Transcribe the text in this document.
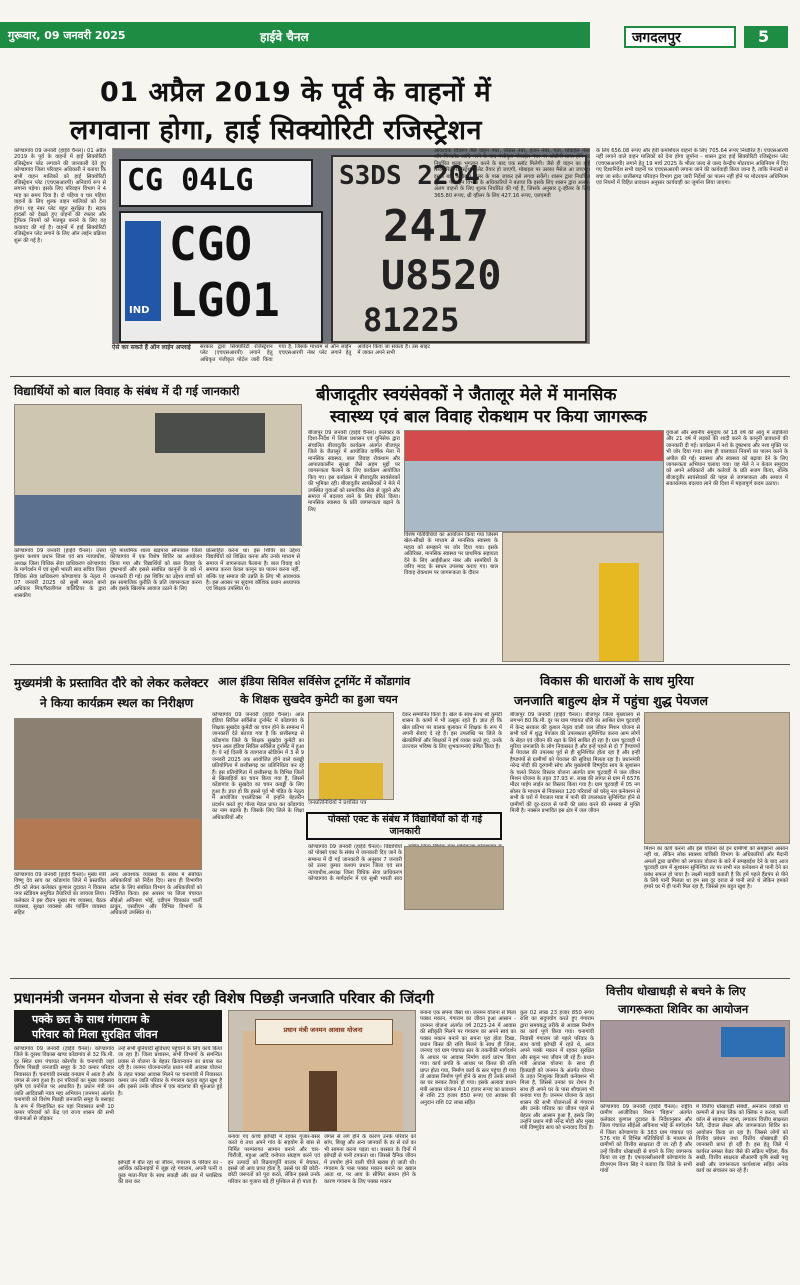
गुरूवार, 09 जनवरी 2025	हाईवे चैनल	जगदलपुर	5
01 अप्रैल 2019 के पूर्व के वाहनों में
लगवाना होगा, हाई सिक्योरिटी रजिस्ट्रेशन
कोण्डागांव 09 जनवरी (हाईवे चैनल)। 01 अप्रैल 2019 के पूर्व के वाहनों में हाई सिक्योरिटी रजिस्ट्रेशन प्लेट लगवाने की जानकारी देते हुए कोण्डागांव जिला परिवहन अधिकारी ने बताया कि सभी वाहन मालिकों को हाई सिक्योरिटी रजिस्ट्रेशन प्लेट (एचएसआरपी) अनिवार्य रूप से लगाना पड़ेगा। इसके लिए परिवहन विभाग ने 4 माह का समय दिया है। दो पहिया व चार पहिया वाहनों के लिए शुल्क वाहन मालिकों को देना होगा। यह नंबर प्लेट बहुत सुरक्षित है। सड़क हादसों को देखते हुए वाहनों की रफ्तार और ट्रैफिक नियमों को मजबूत बनाने के लिए यह कवायद की गई है। वाहनों में हाई सिक्योरिटी रजिस्ट्रेशन प्लेट लगाने के लिए ऑन लाईन प्रक्रिया शुरू की गई है।
CG 04LG
IND
CGO
LGO1
S3DS 2204
2417
U8520
81225
ऐसे कर सकते हैं ऑन लाईन अप्लाई	सरकार द्वारा सिक्योरिटी रजिस्ट्रेशन प्लेट (एचएसआरपी) लगाने हेतु अधिकृत पंजीकृत पोर्टल जारी किया गया है, जिसके माध्यम से ऑन लाईन एचएसआरपी नंबर प्लेट लगाने हेतु आवेदन किया जा सकता है। उस साइट में जाकर अपने सभी
आवश्यक विवरण जैसे वाहन नंबर, चेसिस नंबर, इंजन नंबर, पता, मोबाईल नंबर और पिनकोड आदि भरने के बाद पंजीकृत मोबाईल नंबर पर ओटीपी प्राप्त होने पर निर्धारित शुल्क भुगतान करने के बाद एक स्लॉट मिलेगी। जैसे ही वाहन का हाई सिक्योरिटी रजिस्ट्रेशन प्लेट तैयार हो जाएगी, मोबाइल पर उसका मैसेज आ जाएगा। इसके बाद अधिकृत डीलर के पास जाकर इसे लगवा सकेंगे। शासन द्वारा निर्धारित शुल्क - परिवहन विभाग के अधिकारियों ने बताया कि इसके लिए शासन द्वारा अलग-अलग वाहनों के लिए शुल्क निर्धारित की गई है, जिसके अनुसार टू-व्हीलर के लिए 365.80 रूपए, थ्री व्हीलर के लिए 427.16 रूपए, एलएमवी
के लिए 656.08 रूपए और हेवी कमर्शियल वाहनों के लिए 705.64 रूपए निर्धारित है। एचएसआरपी नहीं लगाने वाले वाहन मालिकों को देना होगा जुर्माना - शासन द्वारा हाई सिक्योरिटी रजिस्ट्रेशन प्लेट (एचएसआरपी) लगाने हेतु 19 मार्च 2025 के भीतर जल्द से जल्द केन्द्रीय मोटरयान अधिनियम में दिए गए दिशानिर्देश सभी वाहनों पर एचएसआरपी लगाना जाने की कार्यवाही किया जाना है, ताकि पेनाल्टी से बचा जा सके। छत्तीसगढ़ परिवहन विभाग द्वारा जारी निर्देशों का पालन नहीं होने पर मोटरयान अधिनियम एवं नियमों में विहित प्रावधान अनुसार कार्यवाही का जुर्माना लिया जाएगा।
विद्यार्थियों को बाल विवाह के संबंध में दी गई जानकारी
कोण्डागांव 09 जनवरी (हाईवे चैनल)। उत्तरा कुमार कश्यप प्रधान जिला एवं सत्र न्यायाधीश, अध्यक्ष जिला विधिक सेवा प्राधिकरण कोण्डागांव के मार्गदर्शन में एवं सुश्री भारती साव सचिव जिला विधिक सेवा प्राधिकरण कोण्डागांव के नेतृत्व में 07 जनवरी 2025 को सुश्री ममता बानो अधिकार मित्र/पैरालीगल वालिंटियर के द्वारा शासकीय
पूर्व माध्यमिक शाला खड़पारा सोनाबाल जिला कोण्डागांव में एक विशेष शिविर का आयोजन किया गया और विद्यार्थियों को बाल विवाह के दुष्प्रभावों और इससे संबंधित कानूनों के बारे में जानकारी दी गई। इस शिविर का उद्देश्य बच्चों को इस सामाजिक कुरीति के प्रति जागरूकता करना और इसके खिलाफ आवाज उठाने के लिए
प्रोत्साहित करना था। इस शिविर का उद्देश्य विद्यार्थियों को शिक्षित करना और उनके माध्यम से समाज में जागरूकता फैलाना है। बाल विवाह को समाप्त करना केवल कानून का पालन करना नहीं, बल्कि यह समाज की उन्नति के लिए भी आवश्यक है। इस अवसर पर सुदामा कौशिक प्रधान अध्यापक एवं शिक्षक उपस्थित थे।
बीजादूतीर स्वयंसेवकों ने जैतालूर मेले में मानसिक
स्वास्थ्य एवं बाल विवाह रोकथाम पर किया जागरूक
बीजापुर 09 जनवरी (हाईवे चैनल)। कलेक्टर के दिशा-निर्देश में जिला प्रशासन एवं यूनिसेफ द्वारा संचालित बीजादूतीर कार्यक्रम अंतर्गत बीजापुर जिले के जैतालूर में आयोजित वार्षिक मेला में मानसिक स्वास्थ्य, बाल विवाह रोकथाम और आपातकालीन सुरक्षा जैसे अहम मुद्दों पर जागरूकता फैलाने के लिए कार्यक्रम आयोजित किए गए। इस कार्यक्रम में बीजादूतीर स्वयंसेवकों की भूमिका रही। बीजादूतीर स्वयंसेवकों ने मेले में उपस्थित युवाओं को सामाजिक सेवा से जुड़ने और समाज में बदलाव लाने के लिए प्रेरित किया। मानसिक स्वास्थ्य के प्रति जागरूकता बढ़ाने के लिए
विशेष गतिविधियों का आयोजन किया गया जिसमें खेल-सीखो के माध्यम से मानसिक स्वास्थ्य के महत्व को समझाने पर जोर दिया गया। इसके अतिरिक्त, मानसिक स्वास्थ्य पर प्राथमिक सहायता देने के लिए आईबीआर नंबर और सामग्रियों के जरिए मदद के साधन उपलब्ध कराए गए। बाल विवाह रोकथाम पर जागरूकता के दौरान
युवाओं और स्थानीय समुदाय को 18 वर्ष की आयु में लड़कियों और 21 वर्ष में लड़कों की शादी करने के कानूनी प्रावधानों की जानकारी दी गई। कार्यक्रम में नशे के दुष्प्रभाव और नशा मुक्ति पर भी जोर दिया गया। साथ ही वालाघात नियमों का पालन करने के अपील की गई। स्वास्थ्य और स्वास्थ्य को बढ़ावा देने के लिए जागरूकता अभियान चलाया गया। यह मेले ने न केवल समुदाय को अपने अधिकारों और कर्तव्यों के प्रति सजग किया, बल्कि बीजादूतीर स्वयंसेवकों की पहल से जागरूकता और समाज में सकारात्मक बदलाव लाने की दिशा में महत्वपूर्ण कदम उठाया।
मुख्यमंत्री के प्रस्तावित दौरे को लेकर कलेक्टर
ने किया कार्यक्रम स्थल का निरीक्षण
कोण्डागांव 09 जनवरी (हाईवे चैनल)। मुख्य मंत्री विष्णु देव साय का कोंडागांव जिले में प्रस्तावित दौरे को लेकर कलेक्टर कुणाल दुदावत ने विकास नगर स्टेडियम समुचित तैयारियों का जायजा लिया। कलेक्टर ने इस दौरान मुख्य मंच व्यवस्था, बैठक व्यवस्था, सुरक्षा व्यवस्था और पार्किंग व्यवस्था सहित
अन्य आवश्यक व्यवस्था के संबंध में संबंधित अधिकारियों को निर्देश दिए। साथ ही विभागीय स्टॉल के लिए संबंधित विभाग के अधिकारियों को निर्देशित किया। इस अवसर पर जिला पंचायत सीईओ अविनाश भोई, एडीएम चित्रकांत चार्ली ठाकुर, एसडीएम और विभिन्न विभागों के अधिकारी उपस्थित थे।
आल इंडिया सिविल सर्विसेज टूर्नामेंट में कोंडागांव
के शिक्षक सुखदेव कुमेटी का हुआ चयन
कोण्डागांव 09 जनवरी (हाईवे चैनल)। आल इंडिया सिविल सर्विसेज टूर्नामेंट में कोंडागांव के शिक्षक सुखदेव कुमेटी का चयन होने के सम्बन्ध में जानकारी देते बताया गया है कि छत्तीसगढ़ से कोंडागांव जिले के शिक्षक सुखदेव कुमेटी का चयन आल इंडिया सिविल सर्विसेज टूर्नामेंट में हुआ है। ये नई दिल्ली के त्यागराज स्टेडियम में 3 से 9 जनवरी 2025 तक आयोजित होने वाले कबड्डी प्रतियोगिता में छत्तीसगढ़ का प्रतिनिधित्व कर रहे हैं। इस प्रतियोगिता में छत्तीसगढ़ के विभिन्न जिलों से खिलाड़ियों का चयन किया गया है, जिसमें कोंडागांव के सुखदेव का चयन कबड्डी के लिए हुआ है। ज्ञात हो कि इससे पूर्व भी पंडित के नेतृत्व में आयोजित एथलेटिक्स में इन्होंने बेहतरीन प्रदर्शन करते हुए गोल्ड मेडल प्राप्त कर कोंडागांव का नाम बढ़ाया है। जिसके लिए जिले के शिक्षा अधिकारियों और
जनप्रतिनिधियों ने प्रशंसित पत्र
देकर सम्मानित किया है। खेल के साथ-साथ श्री कुमेटी शासन के कामों में भी उत्सुक रहते हैं। ज्ञात हो कि खेल प्रतिभा पर बालक बुलाकर में शिक्षक के रूप में अपनी सेवाएं दे रहे हैं। इस उपलब्धि पर जिले के खेलप्रेमियों और शिक्षकों ने हर्ष व्यक्त करते हुए, उनके उज्ज्वल भविष्य के लिए शुभकामनाएं प्रेषित किया है।
पोक्सो एक्ट के संबंध में विद्यार्थियों को दी गई जानकारी
कोण्डागांव 09 जनवरी (हाईवे चैनल)। विद्यार्थियों को पोक्सो एक्ट के संबंध में जानकारी दिए जाने के सम्बन्ध में दी गई जानकारी के अनुसार 7 जनवरी को उत्तरा कुमार कश्यप प्रधान जिला एवं सत्र न्यायाधीश,अध्यक्ष जिला विधिक सेवा प्राधिकरण कोण्डागांव के मार्गदर्शन में एवं सुश्री भारती साव
विकास की धाराओं के साथ मुरिया
जनजाति बाहुल्य क्षेत्र में पहुंचा शुद्ध पेयजल
बीजापुर 09 जनवरी (हाईवे चैनल)। बीजापुर जिला मुख्यालय से लगभग 80 कि.मी. दूर पर ग्राम पंचायत धौरी का आश्रित ग्राम चुटवाही में केन्द्र सरकार की कुशल नेतृत्व वाली जल जीवन मिशन योजना से सभी घरों में शुद्ध पेयजल की उपलब्धता सुनिश्चित करना आम लोगों के सेहत एवं जीवन की रक्षा के लिये साबित हो रहा है। ग्राम चुटवाही में मुरिया जनजाति के लोग निवासरत है और इन्हें पहले से दो 7 हैण्डपंपों से पेयजल की उपलब्ध पूर्व से ही सुनिश्चित होता रहा है और इन्हीं हैण्डपंपों से ग्रामीणों को पेयजल की सुविधा मिलता रहा है। प्रधानमंत्री नरेन्द्र मोदी की दूरगामी सोच और मुख्यमंत्री विष्णुदेव साय के सुशासन के चलते निरंतर विस्तार योजना अंतर्गत ग्राम चुटवाही में जल जीवन मिशन योजना के तहत 37.93 रू. लाख की लागत से ग्राम में 6576 मीटर पाईप लाईन का विस्तार किया गया है। ग्राम चुटवाही में 05 नग सोलर के माध्यम से निवासरत 120 परिवारों को घरेलू नल कनेक्शन से सभी के घरों में पेयजल मात्रा में पानी की उपलब्धता सुनिश्चित होने से ग्रामीणों की दूर-दराज से पानी की प्रबंध करने की समस्या से मुक्ति मिली है। नक्सल प्रभावित इस क्षेत्र में जल जीवन
मिशन का कार्य करना और इस योजना को इन ग्रामीणों को समझाना आसान नहीं था, लेकिन लोक स्वास्थ्य यांत्रिकी विभाग के अधिकारियों और मैदानी अमलों द्वारा ग्रामीण को लगातार योजना के बारे में समझाईश देने के बाद आज चुटवाही ग्राम में सुशासन सुनिश्चित तर पर सभी नल कनेक्शन से पानी देने का प्रबंध सफल हो पाया है। लक्ष्मी माड़वी बताती है कि हमें पहले हैंडपंप से पीने के लिये पानी मिलता था हम सब दूर दराज से पानी लाते थे लेकिन हमको हमारे घर में ही पानी मिल रहा है, जिससे हम बहुत खुश है।
प्रधानमंत्री जनमन योजना से संवर रही विशेष पिछड़ी जनजाति परिवार की जिंदगी
पक्के छत के साथ गंगाराम के
परिवार को मिला सुरक्षित जीवन
कोण्डागांव 09 जनवरी (हाईवे चैनल)। कोण्डागांव जिले के दूरस्थ विकास खण्ड कोंडागांव से 32 कि.मी. दूर स्थित ग्राम पंचायत कोरगाँव के चनागांवी जहां विशेष पिछड़ी जनजाति समूह के 30 कमार परिवार निवासरत हैं। चनागांवी वनखंड वनग्राम में आता है और जंगल से लगा हुआ है। इन परिवारों का मुख्य व्यवसाय कृषि एवं वनोपज पर आधारित है। प्रधान मंत्री जन जाति आदिवासी न्याय महा अभियान (जनमन) अंतर्गत चनागांवी को विशेष पिछड़ी जनजाति समूह के बसाहट के रूप में चिन्हांकित कर यहां निवासरत सभी 10 कमार परिवारों को केंद्र एवं राज्य शासन की सभी योजनाओं से जोड़कर
उन्हें सभी बुनियादी सुविधाएं पहुंचाने के लिए कार्य किया जा रहा है। जिला प्रशासन, सभी विभागों के समन्वित प्रयास से योजना के बेहतर क्रियान्वयन का प्रयास कर रही है। जनमन योजनान्तर्गत प्रधान मंत्री आवास योजना के तहत पक्का आवास मिलने पर चनागांवी में निवासरत कमार जन जाति परिवार के गंगाराम कहता बहुत खुश है और इससे उनके जीवन में एक बदलाव की शुरुआत हुई है।
झोपड़ी में बीत रहा था जीवन, गंगाराम के परिवार का - आर्थिक कठिनाइयों में जूझ रहे गंगाराम, अपनी पत्नी व कुछ माता-पिता के साथ लकड़ी और छत में प्लास्टिक की छत्त कर
प्रधान मंत्री जनमन आवास योजना
बनाया गए कच्चे झोपड़ी में रहकर गुजार-बसर करते थे तथा अपने गांव के सहयोग से बांस से निर्मित परम्परागत सामान बनाने और चार-चिरौंजी, महुआ आदि वनोपज संग्रहण करने एवं इन उत्पादों को विक्रयापूर्ति बाजार में बेचकर, इससे जो आय प्राप्त होता है, उससे घर की छोटी-छोटी जरूरतों को पूरा करते, लेकिन इससे उनके परिवार का गुजारा बड़े ही मुश्किल से हो पाता है।
जंगल से लगे होने के कारण उनके परिवार को सांप, बिच्छू और अन्य जानवरों के डर से रातें का भी सामना करना पड़ता था। बरसात के दिनों में झोपड़ी से पानी टपकता था। जिससे दैनिक जीवन में उपयोग होने वाली चीजें खराब हो जाती थी। गंगाराम के पास पक्का मकान बनाने का ख्याल आता था, पर आय के सीमित साधन होने के कारण गंगाराम के लिए पक्का मकान
बनाना एक सपना जैसा था। जनमन योजना से मिला पक्का मकान, गंगाराम का जीवन हुआ आसान - जनमन योजना अंतर्गत वर्ष 2023-24 में आवास की स्वीकृति मिलने पर गंगाराम का अपने स्वयं का पक्का मकान बनाने का सपना पूरा होता दिखा, प्रधान किस्त की राशि मिलने के साथ ही जिला, जनपद एवं ग्राम पंचायत स्तर के तकनीकी मार्गदर्शन के आधार पर आवास निर्माण कार्य प्रारंभ किया गया। कार्य प्रगति के आधार पर किश्त की राशि प्राप्त होता गया, निर्माण कार्य के स्तर पहुंचा ही गया तो आवास निर्माण पूर्ण होने के साथ ही उनके सपनों का घर बनकर तैयार हो गया। इसके अलावा प्रधान मंत्री आवास योजना में 10 हजार रूपए का प्रावधान से राशि 23 हजार 850 रूपए एवं आवास की अनुदान राशि 02 लाख सहित
कुल 02 लाख 23 हजार 850 रूपए राशि का सदुपयोग करते हुए गंगाराम द्वारा समयबद्ध तरीके से आवास निर्माण का कार्य पूर्ण किया गया। चनागांवी निवासी गंगाराम जो पहले परिवार के साथ कच्चे झोपड़ी में रहते थे, आज अपने पक्के मकान में रहकर सुरक्षित और सकून भरा जीवन जी रहे हैं। प्रधान मंत्री आवास योजना के साथ ही हितग्राही को जनमन के अंतर्गत योजना के तहत निःशुल्क बिजली कनेक्शन भी मिला है, जिससे उनका घर रोशन है। साथ ही अपने घर के पास शौचालय भी बनाया गया है। जनमन योजना के तहत शासन की सभी योजनाओं से गंगाराम और उनके परिवार का जीवन पहले से बेहतर और आसान हुआ है, इसके लिए उन्होंने प्रधान मंत्री नरेन्द्र मोदी और मुख्य मंत्री विष्णुदेव साय को धन्यवाद दिया है।
वित्तीय धोखाधड़ी से बचने के लिए
जागरूकता शिविर का आयोजन
कोण्डागांव 09 जनवरी (हाईवे चैनल)। राष्ट्रीय ग्रामीण आजीविका मिशन 'बिहान' अंतर्गत कलेक्टर कुणाल दुदावत के निर्देशानुसार और जिला पंचायत सीईओ अविनाश भोई के मार्गदर्शन में जिला कोण्डागांव के 383 ग्राम पंचायत एवं 576 गांव में विभिन्न गतिविधियों के माध्यम से ग्रामीणों को वित्तीय साक्षरता दी जा रही है और उन्हें वित्तीय धोखाधड़ी से बचने के लिए जागरूक किया जा रहा है। एफएलसीआरपी कोण्डागांव के डीएमएम विनय सिंह ने बताया कि जिले के सभी गांवों
में वित्तीय धोखाधड़ी संबंधी, अनजान व्यक्ति या कम्पनी से प्राप्त लिंक को क्लिक न करना, फर्जी कॉल से सावधान रहना, लगातार वित्तीय साक्षरता रैली, दीवाल लेखन और जागरूकता शिविर का आयोजन किया जा रहा है। जिससे लोगों को वित्तीय प्रबंधन तथा वित्तीय धोखाधड़ी की जानकारी प्राप्त हो रही है। इस हेतु जिले में कार्यरत समस्त केडर जैसे की सक्रिय महिला, बैंक सखी, वित्तीय साक्षरता सीआरपी कृषि सखी पशु सखी और जागरूकता कार्यशाला सहित अनेक कार्य का संचालन कर रहे हैं।
